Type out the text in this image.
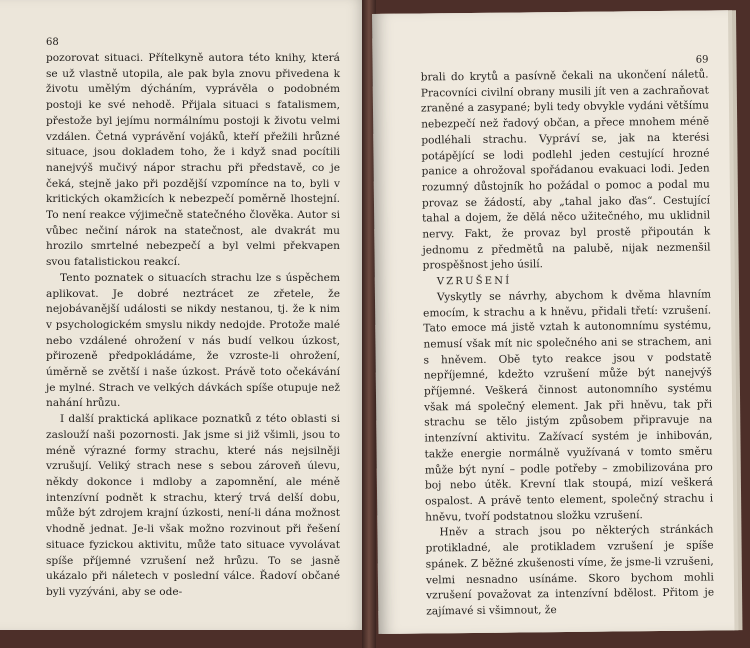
68

pozorovat situaci. Přítelkyně autora této knihy, která se už vlastně utopila, ale pak byla znovu přivedena k životu umělým dýcháním, vyprávěla o podobném postoji ke své nehodě. Přijala situaci s fatalismem, přestože byl jejímu normálnímu postoji k životu velmi vzdálen. Četná vyprávění vojáků, kteří přežili hrůzné situace, jsou dokladem toho, že i když snad pocítili nanejvýš mučivý nápor strachu při představě, co je čeká, stejně jako při pozdější vzpomínce na to, byli v kritických okamžicích k nebezpečí poměrně lhostejní. To není reakce výjimečně statečného člověka. Autor si vůbec nečiní nárok na statečnost, ale dvakrát mu hrozilo smrtelné nebezpečí a byl velmi překvapen svou fatalistickou reakcí.

Tento poznatek o situacích strachu lze s úspěchem aplikovat. Je dobré neztrácet ze zřetele, že nejobávanější události se nikdy nestanou, tj. že k nim v psychologickém smyslu nikdy nedojde. Protože malé nebo vzdálené ohrožení v nás budí velkou úzkost, přirozeně předpokládáme, že vzroste-li ohrožení, úměrně se zvětší i naše úzkost. Právě toto očekávání je mylné. Strach ve velkých dávkách spíše otupuje než nahání hrůzu.

I další praktická aplikace poznatků z této oblasti si zaslouží naši pozornosti. Jak jsme si již všimli, jsou to méně výrazné formy strachu, které nás nejsilněji vzrušují. Veliký strach nese s sebou zároveň úlevu, někdy dokonce i mdloby a zapomnění, ale méně intenzívní podnět k strachu, který trvá delší dobu, může být zdrojem krajní úzkosti, není-li dána možnost vhodně jednat. Je-li však možno rozvinout při řešení situace fyzickou aktivitu, může tato situace vyvolávat spíše příjemné vzrušení než hrůzu. To se jasně ukázalo při náletech v poslední válce. Řadoví občané byli vyzýváni, aby se ode-

69

brali do krytů a pasívně čekali na ukončení náletů. Pracovníci civilní obrany musili jít ven a zachraňovat zraněné a zasypané; byli tedy obvykle vydáni většímu nebezpečí než řadový občan, a přece mnohem méně podléhali strachu. Vypráví se, jak na kterési potápějící se lodi podlehl jeden cestující hrozné panice a ohrožoval spořádanou evakuaci lodi. Jeden rozumný důstojník ho požádal o pomoc a podal mu provaz se žádostí, aby „tahal jako ďas“. Cestující tahal a dojem, že dělá něco užitečného, mu uklidnil nervy. Fakt, že provaz byl prostě připoután k jednomu z předmětů na palubě, nijak nezmenšil prospěšnost jeho úsilí.

VZRUŠENÍ

Vyskytly se návrhy, abychom k dvěma hlavním emocím, k strachu a k hněvu, přidali třetí: vzrušení. Tato emoce má jistě vztah k autonomnímu systému, nemusí však mít nic společného ani se strachem, ani s hněvem. Obě tyto reakce jsou v podstatě nepříjemné, kdežto vzrušení může být nanejvýš příjemné. Veškerá činnost autonomního systému však má společný element. Jak při hněvu, tak při strachu se tělo jistým způsobem připravuje na intenzívní aktivitu. Zažívací systém je inhibován, takže energie normálně využívaná v tomto směru může být nyní – podle potřeby – zmobilizována pro boj nebo útěk. Krevní tlak stoupá, mizí veškerá ospalost. A právě tento element, společný strachu i hněvu, tvoří podstatnou složku vzrušení.

Hněv a strach jsou po některých stránkách protikladné, ale protikladem vzrušení je spíše spánek. Z běžné zkušenosti víme, že jsme-li vzrušeni, velmi nesnadno usínáme. Skoro bychom mohli vzrušení považovat za intenzívní bdělost. Přitom je zajímavé si všimnout, že
